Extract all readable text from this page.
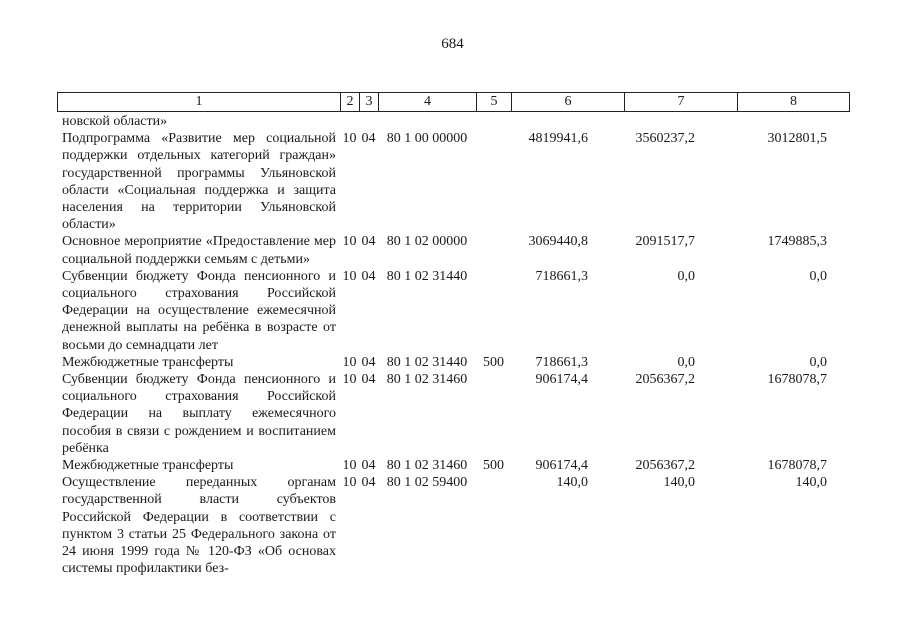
684
1	2	3	4	5	6	7	8
новской области»							
Подпрограмма «Развитие мер социальной поддержки отдельных категорий граждан» государственной программы Ульяновской области «Социальная поддержка и защита населения на территории Ульяновской области»	10	04	80 1 00 00000		4819941,6	3560237,2	3012801,5
Основное мероприятие «Предоставление мер социальной поддержки семьям с детьми»	10	04	80 1 02 00000		3069440,8	2091517,7	1749885,3
Субвенции бюджету Фонда пенсионного и социального страхования Российской Федерации на осуществление ежемесячной денежной выплаты на ребёнка в возрасте от восьми до семнадцати лет	10	04	80 1 02 31440		718661,3	0,0	0,0
Межбюджетные трансферты	10	04	80 1 02 31440	500	718661,3	0,0	0,0
Субвенции бюджету Фонда пенсионного и социального страхования Российской Федерации на выплату ежемесячного пособия в связи с рождением и воспитанием ребёнка	10	04	80 1 02 31460		906174,4	2056367,2	1678078,7
Межбюджетные трансферты	10	04	80 1 02 31460	500	906174,4	2056367,2	1678078,7
Осуществление переданных органам государственной власти субъектов Российской Федерации в соответствии с пунктом 3 статьи 25 Федерального закона от 24 июня 1999 года № 120-ФЗ «Об основах системы профилактики без-	10	04	80 1 02 59400		140,0	140,0	140,0
